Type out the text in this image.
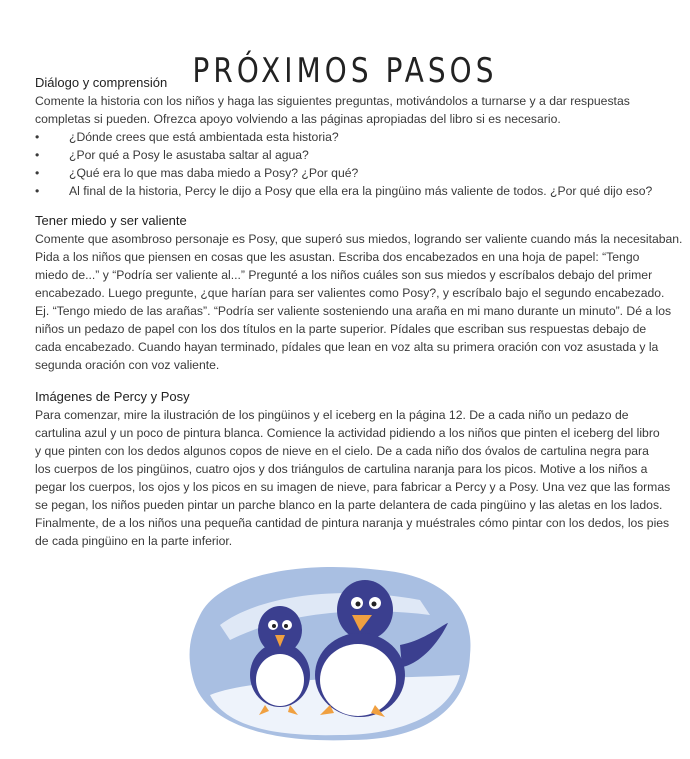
PRÓXIMOS PASOS

Diálogo y comprensión

Comente la historia con los niños y haga las siguientes preguntas, motivándolos a turnarse y a dar respuestas
completas si pueden. Ofrezca apoyo volviendo a las páginas apropiadas del libro si es necesario.
•	¿Dónde crees que está ambientada esta historia?
•	¿Por qué a Posy le asustaba saltar al agua?
•	¿Qué era lo que mas daba miedo a Posy? ¿Por qué?
•	Al final de la historia, Percy le dijo a Posy que ella era la pingüino más valiente de todos. ¿Por qué dijo eso?

Tener miedo y ser valiente

Comente que asombroso personaje es Posy, que superó sus miedos, logrando ser valiente cuando más la necesitaban.
Pida a los niños que piensen en cosas que les asustan. Escriba dos encabezados en una hoja de papel: “Tengo
miedo de...” y “Podría ser valiente al...” Pregunté a los niños cuáles son sus miedos y escríbalos debajo del primer
encabezado. Luego pregunte, ¿que harían para ser valientes como Posy?, y escríbalo bajo el segundo encabezado.
Ej. “Tengo miedo de las arañas”. “Podría ser valiente sosteniendo una araña en mi mano durante un minuto”. Dé a los
niños un pedazo de papel con los dos títulos en la parte superior. Pídales que escriban sus respuestas debajo de
cada encabezado. Cuando hayan terminado, pídales que lean en voz alta su primera oración con voz asustada y la
segunda oración con voz valiente.

Imágenes de Percy y Posy

Para comenzar, mire la ilustración de los pingüinos y el iceberg en la página 12. De a cada niño un pedazo de
cartulina azul y un poco de pintura blanca. Comience la actividad pidiendo a los niños que pinten el iceberg del libro
y que pinten con los dedos algunos copos de nieve en el cielo. De a cada niño dos óvalos de cartulina negra para
los cuerpos de los pingüinos, cuatro ojos y dos triángulos de cartulina naranja para los picos. Motive a los niños a
pegar los cuerpos, los ojos y los picos en su imagen de nieve, para fabricar a Percy y a Posy. Una vez que las formas
se pegan, los niños pueden pintar un parche blanco en la parte delantera de cada pingüino y las aletas en los lados.
Finalmente, de a los niños una pequeña cantidad de pintura naranja y muéstrales cómo pintar con los dedos, los pies
de cada pingüino en la parte inferior.
